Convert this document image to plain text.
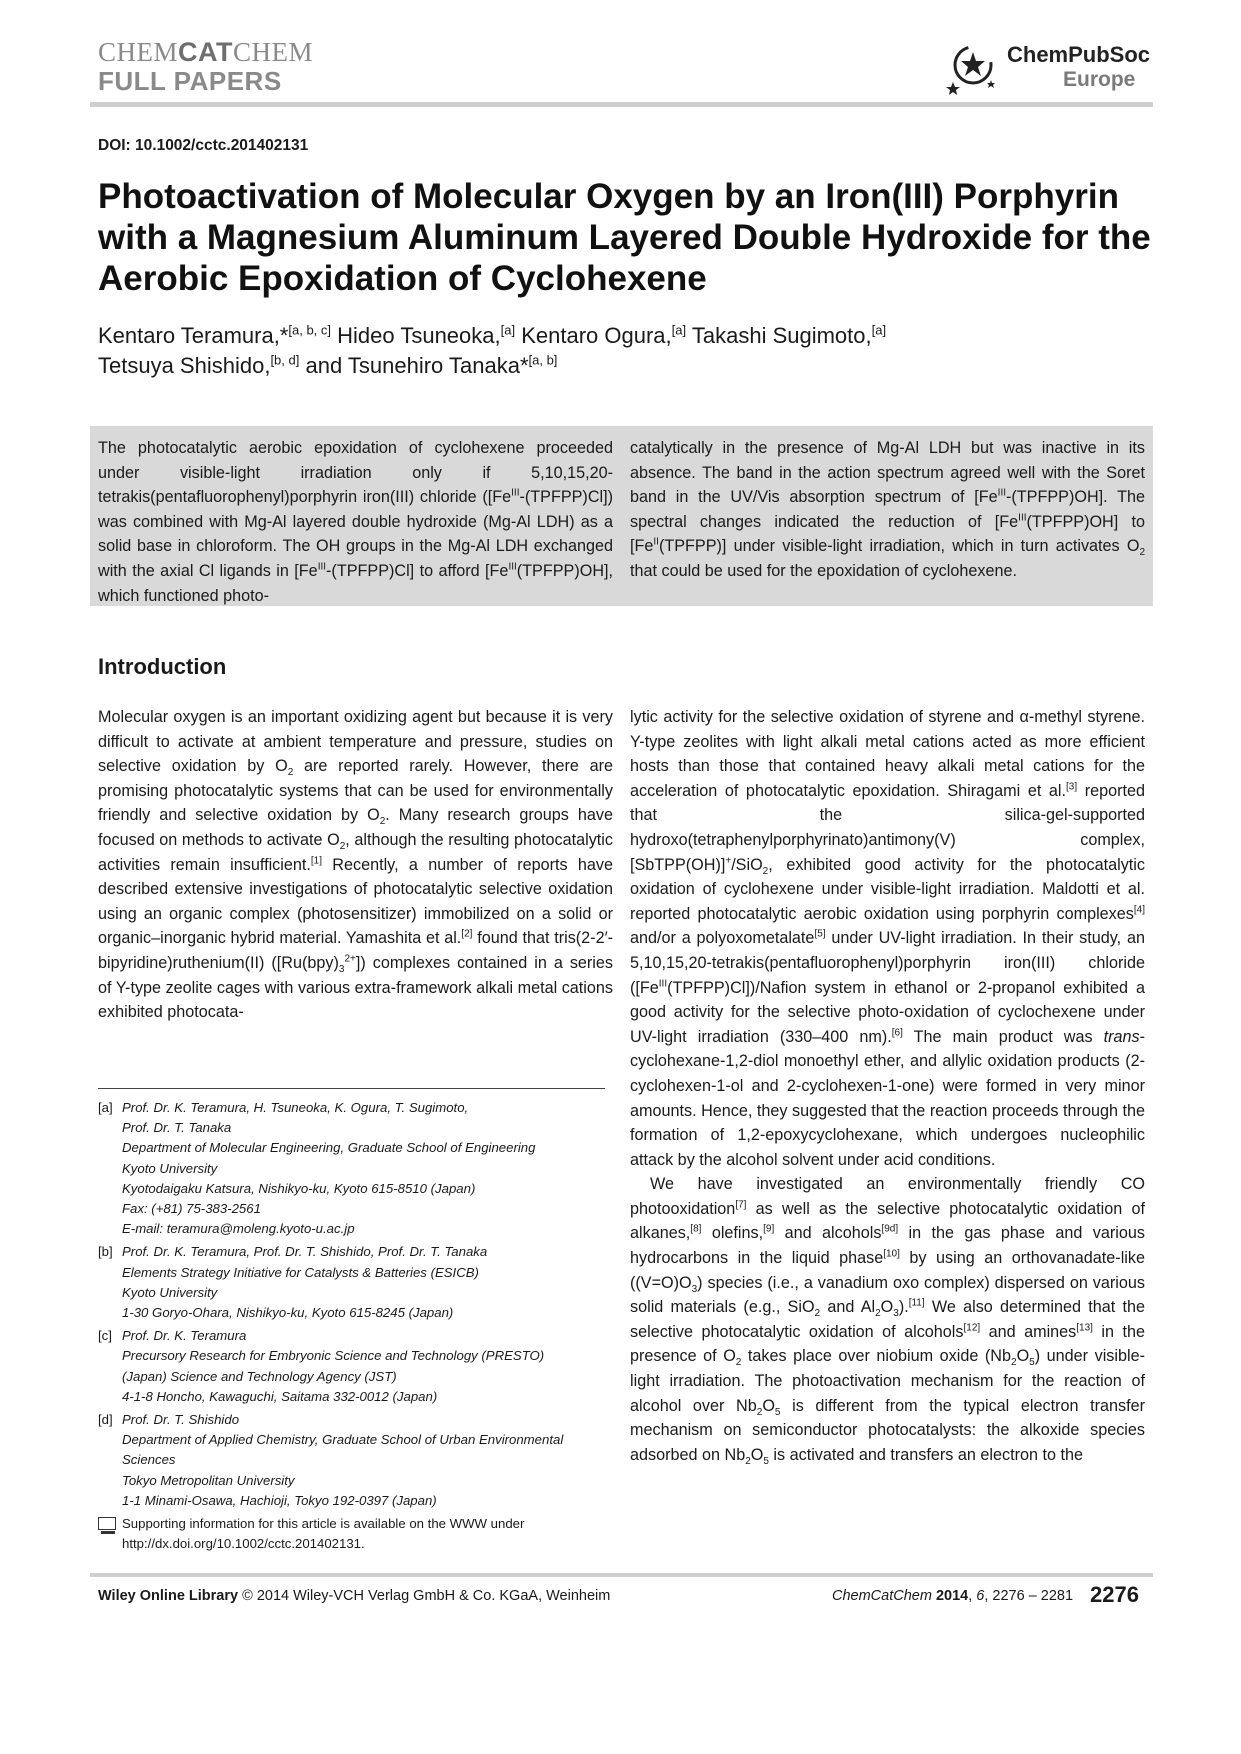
CHEMCATCHEM
FULL PAPERS
ChemPubSoc
Europe
DOI: 10.1002/cctc.201402131
Photoactivation of Molecular Oxygen by an Iron(III) Porphyrin with a Magnesium Aluminum Layered Double Hydroxide for the Aerobic Epoxidation of Cyclohexene
Kentaro Teramura,*[a, b, c] Hideo Tsuneoka,[a] Kentaro Ogura,[a] Takashi Sugimoto,[a]
Tetsuya Shishido,[b, d] and Tsunehiro Tanaka*[a, b]
The photocatalytic aerobic epoxidation of cyclohexene proceeded under visible-light irradiation only if 5,10,15,20-tetrakis(pentafluorophenyl)porphyrin iron(III) chloride $([Fe^{III}-(TPFPP)Cl])$ was combined with Mg-Al layered double hydroxide (Mg-Al LDH) as a solid base in chloroform. The OH groups in the Mg-Al LDH exchanged with the axial Cl ligands in $[Fe^{III}-(TPFPP)Cl]$ to afford $[Fe^{III}(TPFPP)OH]$, which functioned photo-
catalytically in the presence of Mg-Al LDH but was inactive in its absence. The band in the action spectrum agreed well with the Soret band in the UV/Vis absorption spectrum of $[Fe^{III}-(TPFPP)OH]$. The spectral changes indicated the reduction of $[Fe^{III}(TPFPP)OH]$ to $[Fe^{II}(TPFPP)]$ under visible-light irradiation, which in turn activates $O_2$ that could be used for the epoxidation of cyclohexene.
Introduction

Molecular oxygen is an important oxidizing agent but because it is very difficult to activate at ambient temperature and pressure, studies on selective oxidation by $O_2$ are reported rarely. However, there are promising photocatalytic systems that can be used for environmentally friendly and selective oxidation by $O_2$. Many research groups have focused on methods to activate $O_2$, although the resulting photocatalytic activities remain insufficient.[1] Recently, a number of reports have described extensive investigations of photocatalytic selective oxidation using an organic complex (photosensitizer) immobilized on a solid or organic–inorganic hybrid material. Yamashita et al.[2] found that tris(2-2′-bipyridine)ruthenium(II) $([Ru(bpy)_3^{2+}])$ complexes contained in a series of Y-type zeolite cages with various extra-framework alkali metal cations exhibited photocata-

[a] Prof. Dr. K. Teramura, H. Tsuneoka, K. Ogura, T. Sugimoto,
Prof. Dr. T. Tanaka
Department of Molecular Engineering, Graduate School of Engineering
Kyoto University
Kyotodaigaku Katsura, Nishikyo-ku, Kyoto 615-8510 (Japan)
Fax: (+81) 75-383-2561
E-mail: teramura@moleng.kyoto-u.ac.jp
[b] Prof. Dr. K. Teramura, Prof. Dr. T. Shishido, Prof. Dr. T. Tanaka
Elements Strategy Initiative for Catalysts & Batteries (ESICB)
Kyoto University
1-30 Goryo-Ohara, Nishikyo-ku, Kyoto 615-8245 (Japan)
[c] Prof. Dr. K. Teramura
Precursory Research for Embryonic Science and Technology (PRESTO)
(Japan) Science and Technology Agency (JST)
4-1-8 Honcho, Kawaguchi, Saitama 332-0012 (Japan)
[d] Prof. Dr. T. Shishido
Department of Applied Chemistry, Graduate School of Urban Environmental
Sciences
Tokyo Metropolitan University
1-1 Minami-Osawa, Hachioji, Tokyo 192-0397 (Japan)
Supporting information for this article is available on the WWW under
http://dx.doi.org/10.1002/cctc.201402131.

lytic activity for the selective oxidation of styrene and α-methyl styrene. Y-type zeolites with light alkali metal cations acted as more efficient hosts than those that contained heavy alkali metal cations for the acceleration of photocatalytic epoxidation. Shiragami et al.[3] reported that the silica-gel-supported hydroxo(tetraphenylporphyrinato)antimony(V) complex, [SbTPP(OH)]+/SiO$_2$, exhibited good activity for the photocatalytic oxidation of cyclohexene under visible-light irradiation. Maldotti et al. reported photocatalytic aerobic oxidation using porphyrin complexes[4] and/or a polyoxometalate[5] under UV-light irradiation. In their study, an 5,10,15,20-tetrakis(pentafluorophenyl)porphyrin iron(III) chloride $([Fe^{III}(TPFPP)Cl])$/Nafion system in ethanol or 2-propanol exhibited a good activity for the selective photo-oxidation of cyclochexene under UV-light irradiation (330–400 nm).[6] The main product was trans-cyclohexane-1,2-diol monoethyl ether, and allylic oxidation products (2-cyclohexen-1-ol and 2-cyclohexen-1-one) were formed in very minor amounts. Hence, they suggested that the reaction proceeds through the formation of 1,2-epoxycyclohexane, which undergoes nucleophilic attack by the alcohol solvent under acid conditions.

We have investigated an environmentally friendly CO photooxidation[7] as well as the selective photocatalytic oxidation of alkanes,[8] olefins,[9] and alcohols[9d] in the gas phase and various hydrocarbons in the liquid phase[10] by using an orthovanadate-like $((V=O)O_3)$ species (i.e., a vanadium oxo complex) dispersed on various solid materials (e.g., SiO$_2$ and $Al_2O_3).[11]$ We also determined that the selective photocatalytic oxidation of alcohols[12] and amines[13] in the presence of $O_2$ takes place over niobium oxide $(Nb_2O_5)$ under visible-light irradiation. The photoactivation mechanism for the reaction of alcohol over $Nb_2O_5$ is different from the typical electron transfer mechanism on semiconductor photocatalysts: the alkoxide species adsorbed on $Nb_2O_5$ is activated and transfers an electron to the

Wiley Online Library © 2014 Wiley-VCH Verlag GmbH & Co. KGaA, Weinheim	ChemCatChem 2014, 6, 2276 – 2281 2276
